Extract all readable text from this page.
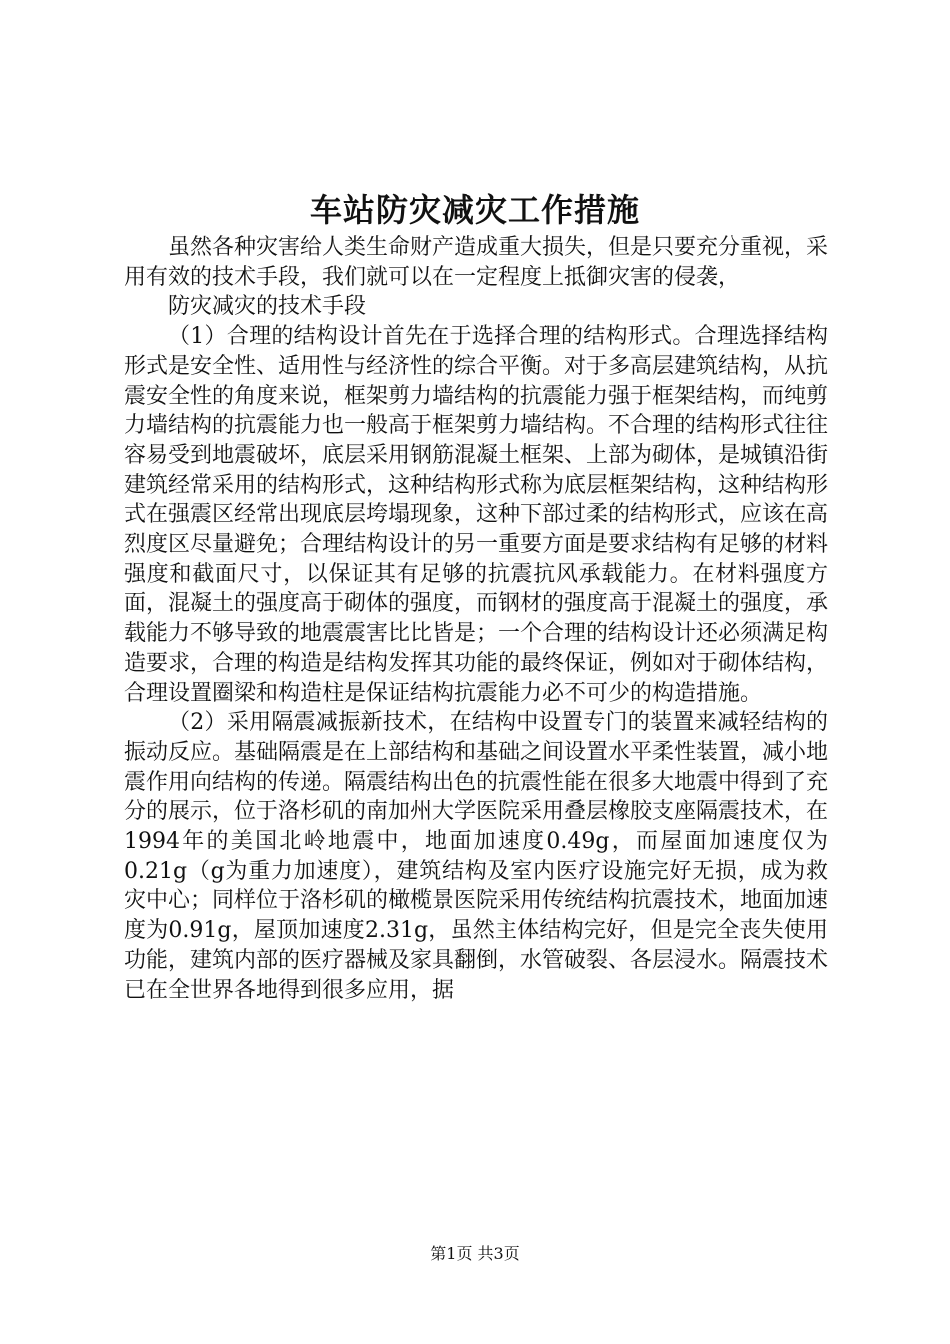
车站防灾减灾工作措施

虽然各种灾害给人类生命财产造成重大损失，但是只要充分重视，采用有效的技术手段，我们就可以在一定程度上抵御灾害的侵袭，

防灾减灾的技术手段

（1）合理的结构设计首先在于选择合理的结构形式。合理选择结构形式是安全性、适用性与经济性的综合平衡。对于多高层建筑结构，从抗震安全性的角度来说，框架剪力墙结构的抗震能力强于框架结构，而纯剪力墙结构的抗震能力也一般高于框架剪力墙结构。不合理的结构形式往往容易受到地震破坏，底层采用钢筋混凝土框架、上部为砌体，是城镇沿街建筑经常采用的结构形式，这种结构形式称为底层框架结构，这种结构形式在强震区经常出现底层垮塌现象，这种下部过柔的结构形式，应该在高烈度区尽量避免；合理结构设计的另一重要方面是要求结构有足够的材料强度和截面尺寸，以保证其有足够的抗震抗风承载能力。在材料强度方面，混凝土的强度高于砌体的强度，而钢材的强度高于混凝土的强度，承载能力不够导致的地震震害比比皆是；一个合理的结构设计还必须满足构造要求，合理的构造是结构发挥其功能的最终保证，例如对于砌体结构，合理设置圈梁和构造柱是保证结构抗震能力必不可少的构造措施。

（2）采用隔震减振新技术，在结构中设置专门的装置来减轻结构的振动反应。基础隔震是在上部结构和基础之间设置水平柔性装置，减小地震作用向结构的传递。隔震结构出色的抗震性能在很多大地震中得到了充分的展示，位于洛杉矶的南加州大学医院采用叠层橡胶支座隔震技术，在1994年的美国北岭地震中，地面加速度0.49g，而屋面加速度仅为0.21g（g为重力加速度），建筑结构及室内医疗设施完好无损，成为救灾中心；同样位于洛杉矶的橄榄景医院采用传统结构抗震技术，地面加速度为0.91g，屋顶加速度2.31g，虽然主体结构完好，但是完全丧失使用功能，建筑内部的医疗器械及家具翻倒，水管破裂、各层浸水。隔震技术已在全世界各地得到很多应用，据

第1页 共3页
